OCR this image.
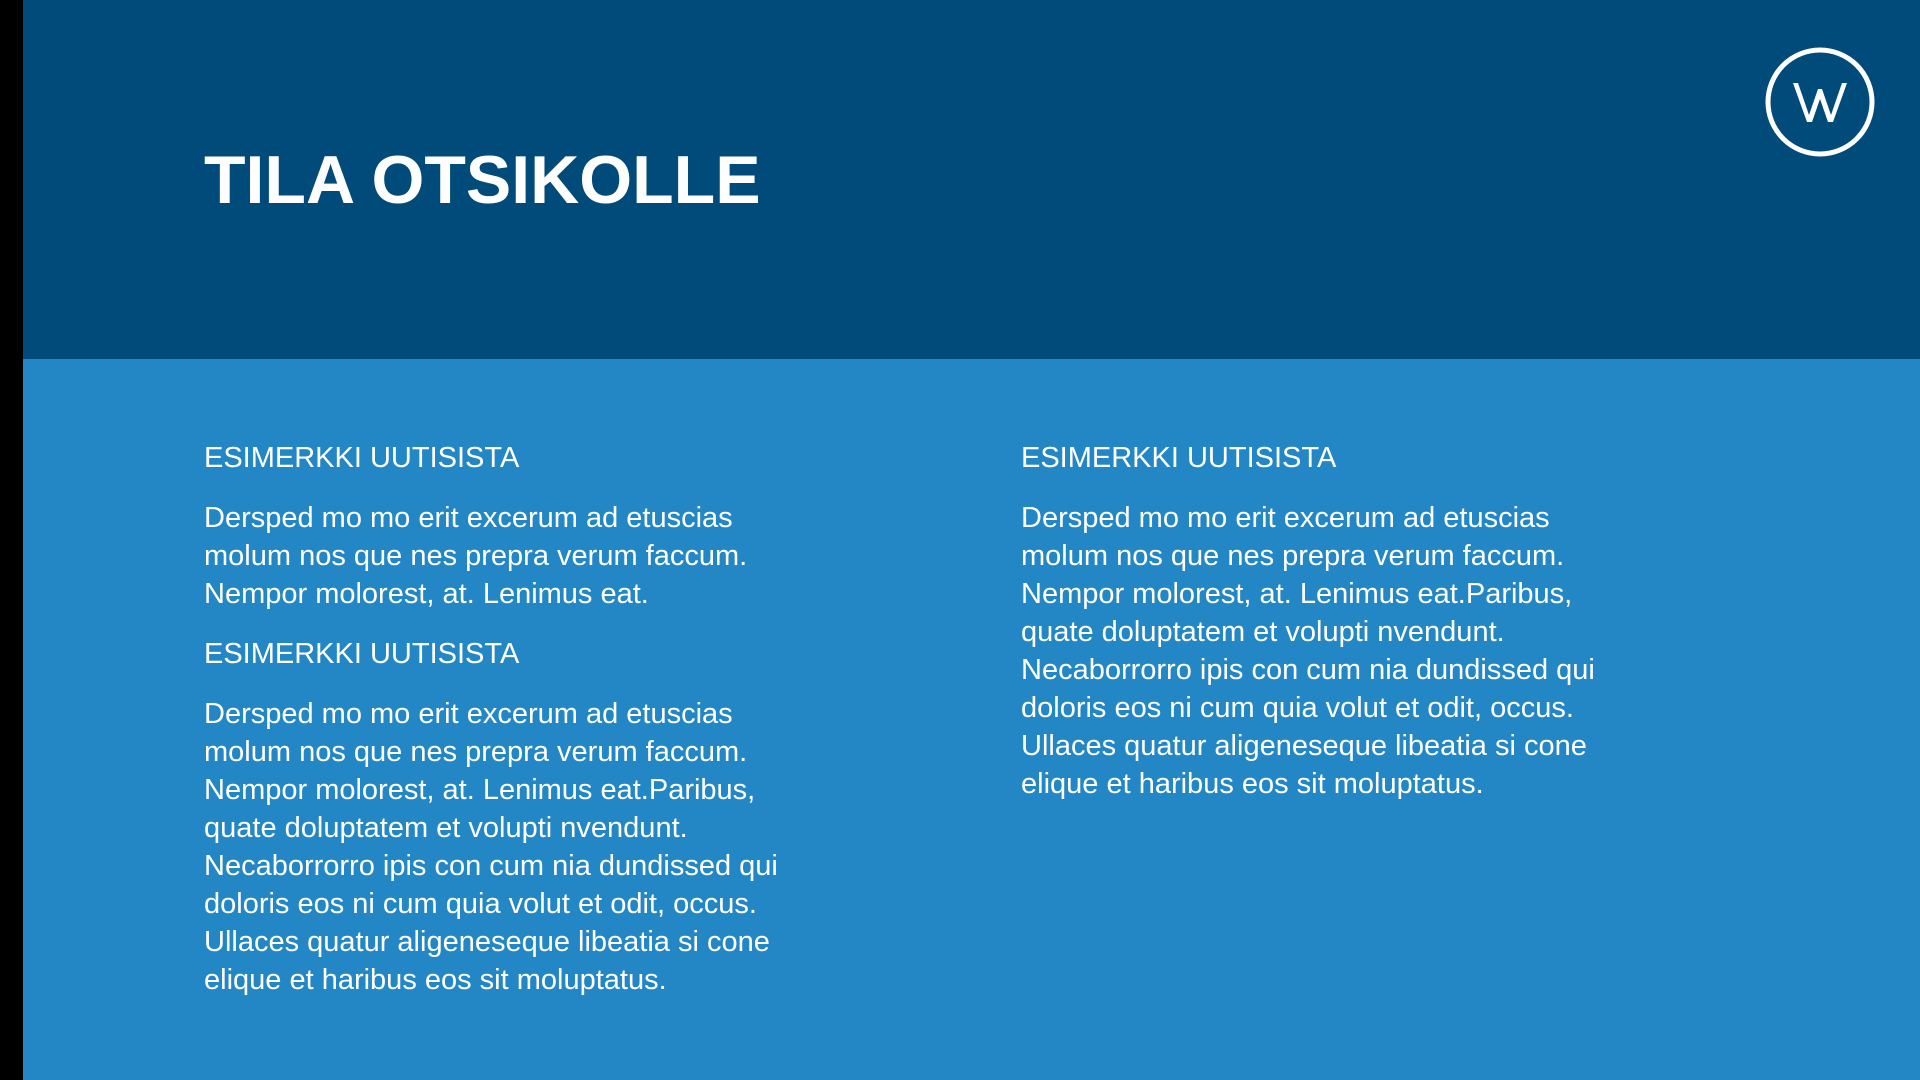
TILA OTSIKOLLE

ESIMERKKI UUTISISTA

Dersped mo mo erit excerum ad etuscias
molum nos que nes prepra verum faccum.
Nempor molorest, at. Lenimus eat.

ESIMERKKI UUTISISTA

Dersped mo mo erit excerum ad etuscias
molum nos que nes prepra verum faccum.
Nempor molorest, at. Lenimus eat.Paribus,
quate doluptatem et volupti nvendunt.
Necaborrorro ipis con cum nia dundissed qui
doloris eos ni cum quia volut et odit, occus.
Ullaces quatur aligeneseque libeatia si cone
elique et haribus eos sit moluptatus.

ESIMERKKI UUTISISTA

Dersped mo mo erit excerum ad etuscias
molum nos que nes prepra verum faccum.
Nempor molorest, at. Lenimus eat.Paribus,
quate doluptatem et volupti nvendunt.
Necaborrorro ipis con cum nia dundissed qui
doloris eos ni cum quia volut et odit, occus.
Ullaces quatur aligeneseque libeatia si cone
elique et haribus eos sit moluptatus.
